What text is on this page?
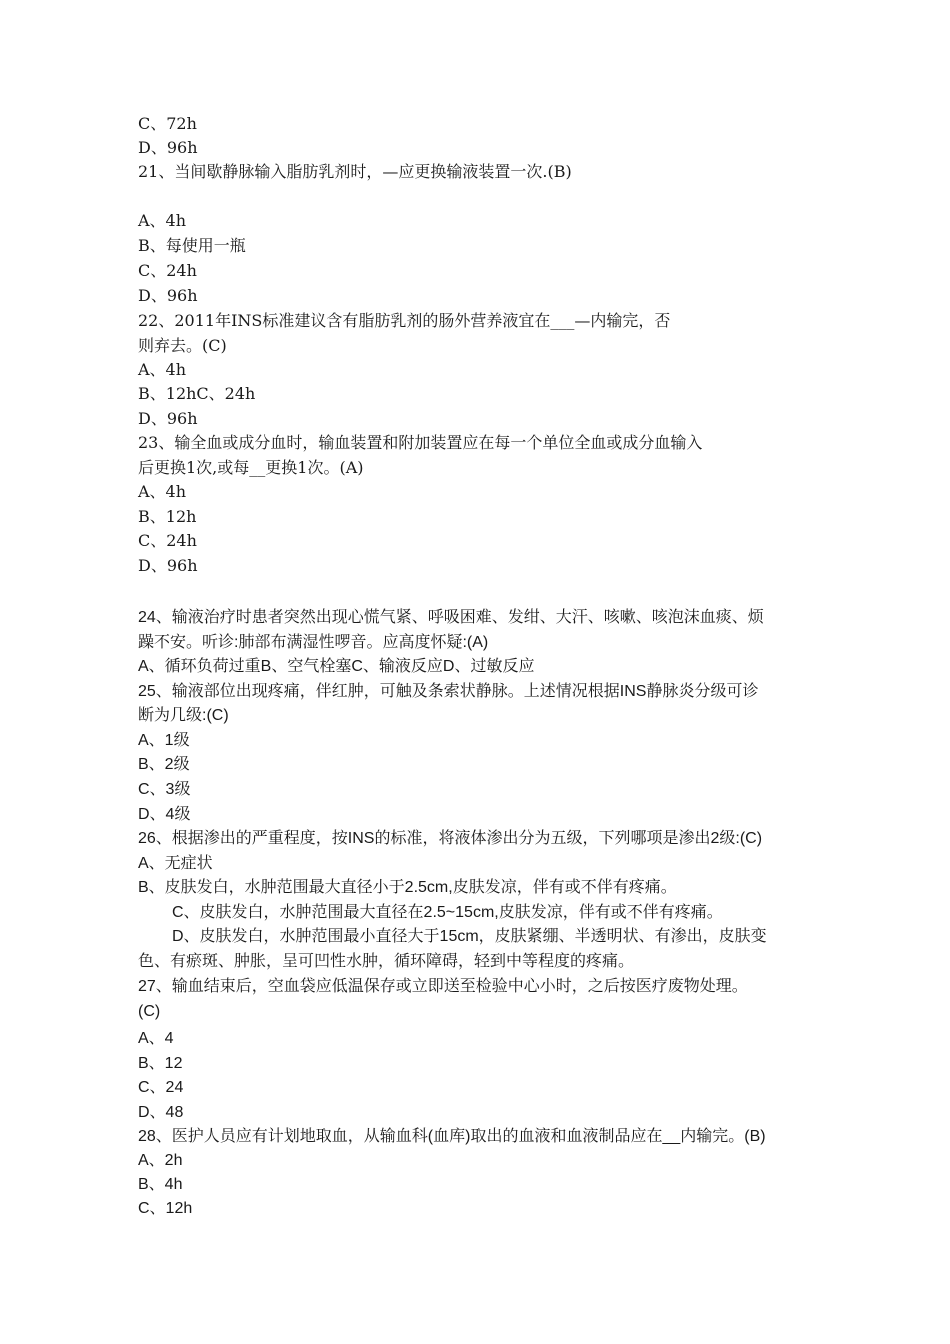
C、72h
D、96h
21、当间歇静脉输入脂肪乳剂时，—应更换输液装置一次.(B)
A、4h
B、每使用一瓶
C、24h
D、96h
22、2011年INS标准建议含有脂肪乳剂的肠外营养液宜在___—内输完，否
则弃去。(C)
A、4h
B、12hC、24h
D、96h
23、输全血或成分血时，输血装置和附加装置应在每一个单位全血或成分血输入
后更换1次,或每__更换1次。(A)
A、4h
B、12h
C、24h
D、96h
24、输液治疗时患者突然出现心慌气紧、呼吸困难、发绀、大汗、咳嗽、咳泡沫血痰、烦
躁不安。听诊:肺部布满湿性啰音。应高度怀疑:(A)
A、循环负荷过重B、空气栓塞C、输液反应D、过敏反应
25、输液部位出现疼痛，伴红肿，可触及条索状静脉。上述情况根据INS静脉炎分级可诊
断为几级:(C)
A、1级
B、2级
C、3级
D、4级
26、根据渗出的严重程度，按INS的标准，将液体渗出分为五级，下列哪项是渗出2级:(C)
A、无症状
B、皮肤发白，水肿范围最大直径小于2.5cm,皮肤发凉，伴有或不伴有疼痛。
C、皮肤发白，水肿范围最大直径在2.5~15cm,皮肤发凉，伴有或不伴有疼痛。
D、皮肤发白，水肿范围最小直径大于15cm，皮肤紧绷、半透明状、有渗出，皮肤变
色、有瘀斑、肿胀，呈可凹性水肿，循环障碍，轻到中等程度的疼痛。
27、输血结束后，空血袋应低温保存或立即送至检验中心小时，之后按医疗废物处理。
(C)
A、4
B、12
C、24
D、48
28、医护人员应有计划地取血，从输血科(血库)取出的血液和血液制品应在__内输完。(B)
A、2h
B、4h
C、12h
